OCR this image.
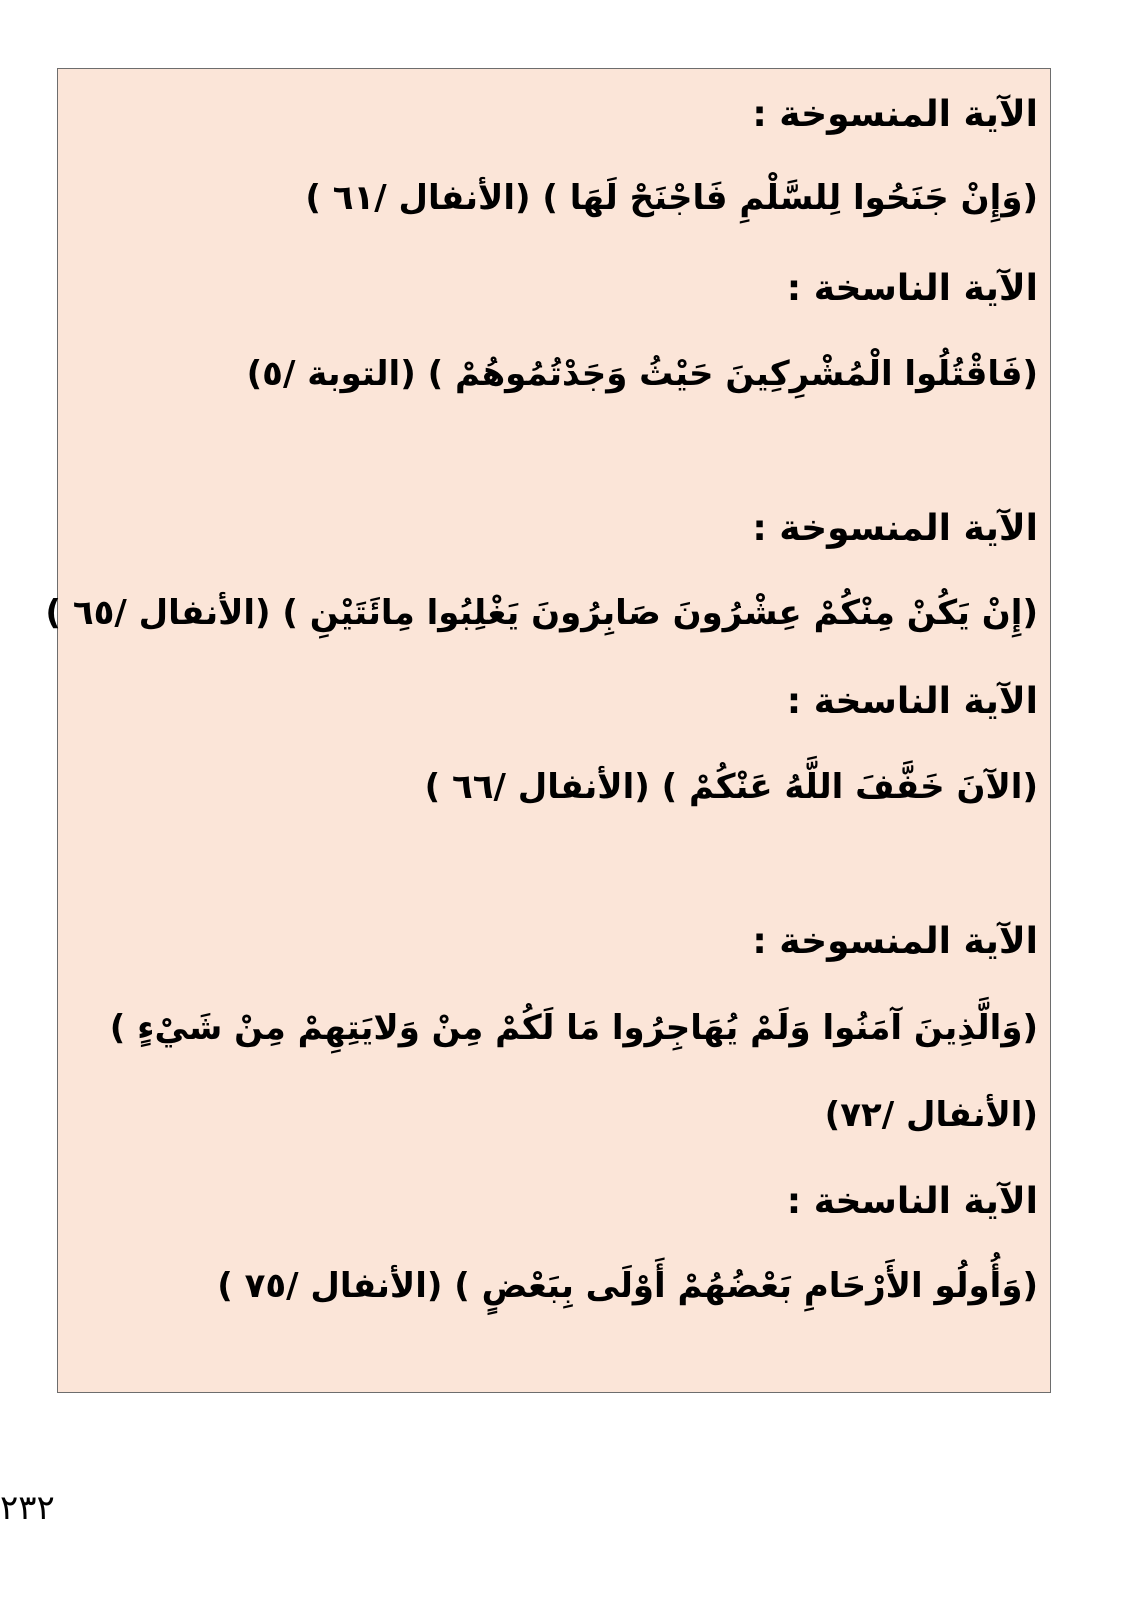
الآية المنسوخة :
(وَإِنْ جَنَحُوا لِلسَّلْمِ فَاجْنَحْ لَهَا ) (الأنفال /٦١ )
الآية الناسخة :
(فَاقْتُلُوا الْمُشْرِكِينَ حَيْثُ وَجَدْتُمُوهُمْ ) (التوبة /٥)
الآية المنسوخة :
(إِنْ يَكُنْ مِنْكُمْ عِشْرُونَ صَابِرُونَ يَغْلِبُوا مِائَتَيْنِ ) (الأنفال /٦٥ )
الآية الناسخة :
(الآنَ خَفَّفَ اللَّهُ عَنْكُمْ ) (الأنفال /٦٦ )
الآية المنسوخة :
(وَالَّذِينَ آمَنُوا وَلَمْ يُهَاجِرُوا مَا لَكُمْ مِنْ وَلايَتِهِمْ مِنْ شَيْءٍ )
(الأنفال /٧٢)
الآية الناسخة :
(وَأُولُو الأَرْحَامِ بَعْضُهُمْ أَوْلَى بِبَعْضٍ ) (الأنفال /٧٥ )
٢٣٢
